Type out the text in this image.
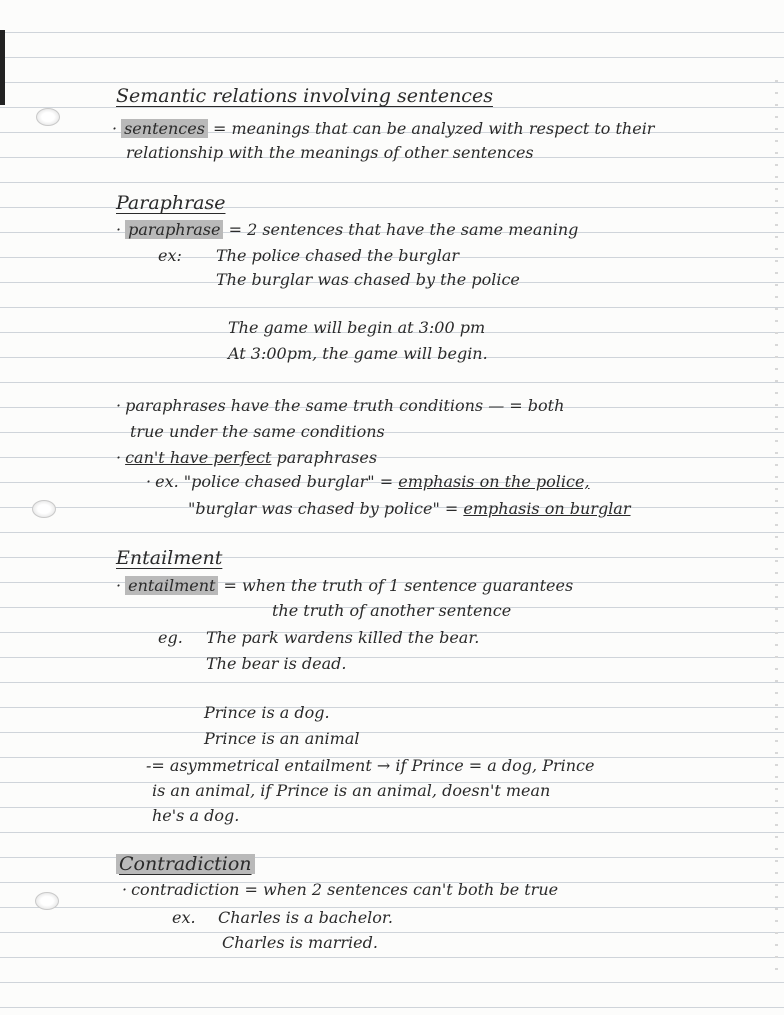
Semantic relations involving sentences
· sentences = meanings that can be analyzed with respect to their
relationship with the meanings of other sentences
Paraphrase
· paraphrase = 2 sentences that have the same meaning
ex: The police chased the burglar
The burglar was chased by the police
The game will begin at 3:00 pm
At 3:00pm, the game will begin.
· paraphrases have the same truth conditions — = both
true under the same conditions
· can't have perfect paraphrases
· ex. "police chased burglar" = emphasis on the police,
"burglar was chased by police" = emphasis on burglar
Entailment
· entailment = when the truth of 1 sentence guarantees
the truth of another sentence
eg. The park wardens killed the bear.
The bear is dead.
Prince is a dog.
Prince is an animal
-= asymmetrical entailment → if Prince = a dog, Prince
is an animal, if Prince is an animal, doesn't mean
he's a dog.
Contradiction
· contradiction = when 2 sentences can't both be true
ex. Charles is a bachelor.
Charles is married.
